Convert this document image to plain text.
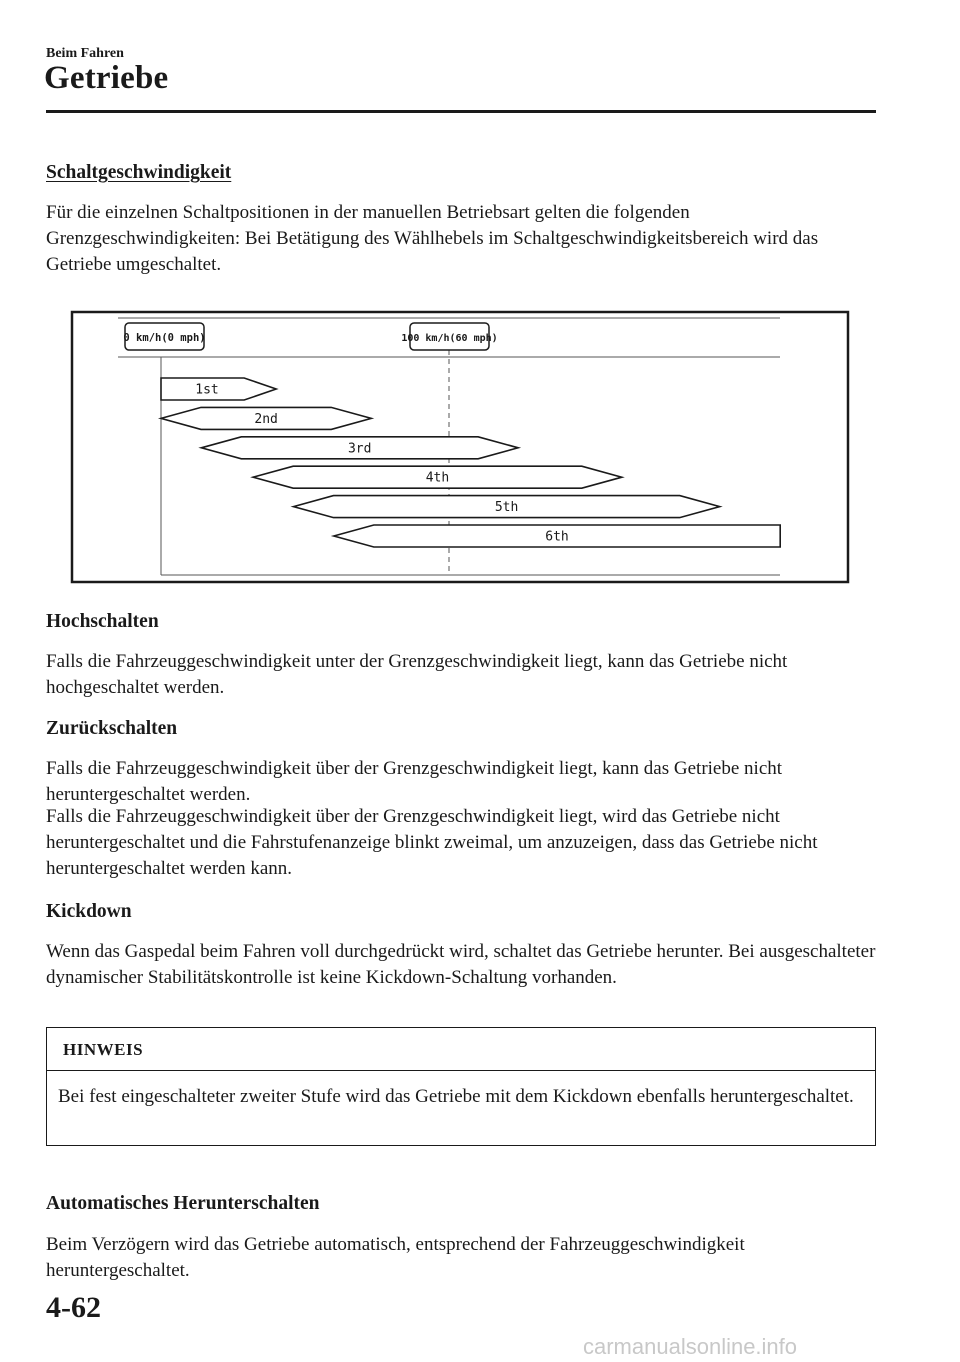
Beim Fahren
Getriebe
Schaltgeschwindigkeit

Für die einzelnen Schaltpositionen in der manuellen Betriebsart gelten die folgenden Grenzgeschwindigkeiten: Bei Betätigung des Wählhebels im Schaltgeschwindigkeitsbereich wird das Getriebe umgeschaltet.

0 km/h(0 mph)	100 km/h(60 mph)
1st
2nd
3rd
4th
5th
6th
Hochschalten

Falls die Fahrzeuggeschwindigkeit unter der Grenzgeschwindigkeit liegt, kann das Getriebe nicht hochgeschaltet werden.

Zurückschalten

Falls die Fahrzeuggeschwindigkeit über der Grenzgeschwindigkeit liegt, kann das Getriebe nicht heruntergeschaltet werden.

Falls die Fahrzeuggeschwindigkeit über der Grenzgeschwindigkeit liegt, wird das Getriebe nicht heruntergeschaltet und die Fahrstufenanzeige blinkt zweimal, um anzuzeigen, dass das Getriebe nicht heruntergeschaltet werden kann.

Kickdown

Wenn das Gaspedal beim Fahren voll durchgedrückt wird, schaltet das Getriebe herunter. Bei ausgeschalteter dynamischer Stabilitätskontrolle ist keine Kickdown-Schaltung vorhanden.

HINWEIS

Bei fest eingeschalteter zweiter Stufe wird das Getriebe mit dem Kickdown ebenfalls heruntergeschaltet.

Automatisches Herunterschalten

Beim Verzögern wird das Getriebe automatisch, entsprechend der Fahrzeuggeschwindigkeit heruntergeschaltet.

4-62
carmanualsonline.info
